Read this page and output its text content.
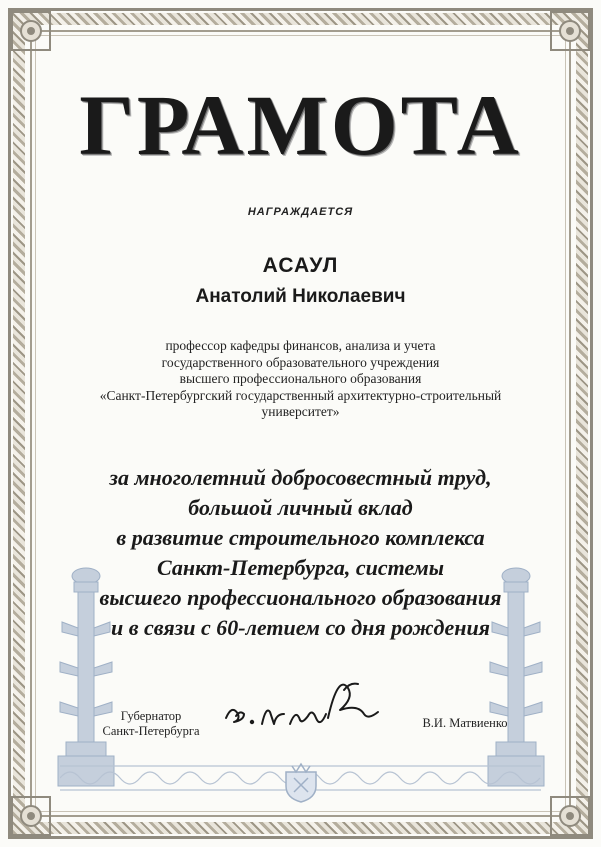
ГРАМОТА
НАГРАЖДАЕТСЯ
АСАУЛ
Анатолий Николаевич
профессор кафедры финансов, анализа и учета
государственного образовательного учреждения
высшего профессионального образования
«Санкт-Петербургский государственный архитектурно-строительный
университет»
за многолетний добросовестный труд,
большой личный вклад
в развитие строительного комплекса
Санкт-Петербурга, системы
высшего профессионального образования
и в связи с 60-летием со дня рождения
Губернатор
Санкт-Петербурга
В.И. Матвиенко
